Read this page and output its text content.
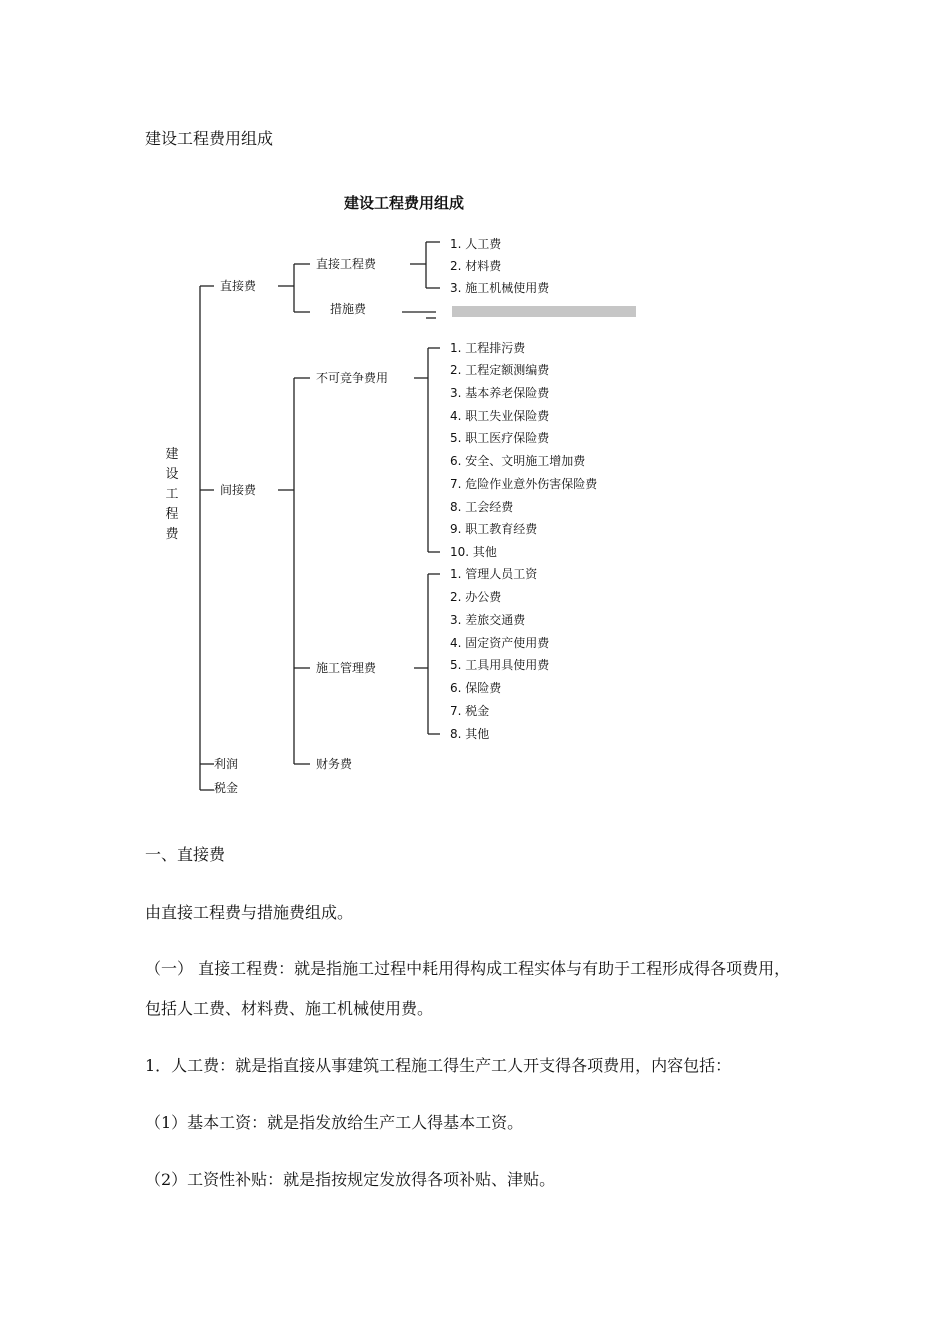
建设工程费用组成
建设工程费用组成
建
设
工
程
费
直接费
间接费
利润
税金
直接工程费
措施费
1. 人工费
2. 材料费
3. 施工机械使用费
不可竞争费用
施工管理费
财务费
1. 工程排污费
2. 工程定额测编费
3. 基本养老保险费
4. 职工失业保险费
5. 职工医疗保险费
6. 安全、文明施工增加费
7. 危险作业意外伤害保险费
8. 工会经费
9. 职工教育经费
10. 其他
1. 管理人员工资
2. 办公费
3. 差旅交通费
4. 固定资产使用费
5. 工具用具使用费
6. 保险费
7. 税金
8. 其他
一、直接费
由直接工程费与措施费组成。
（一） 直接工程费：就是指施工过程中耗用得构成工程实体与有助于工程形成得各项费用，
包括人工费、材料费、施工机械使用费。
1．人工费：就是指直接从事建筑工程施工得生产工人开支得各项费用，内容包括：
（1）基本工资：就是指发放给生产工人得基本工资。
（2）工资性补贴：就是指按规定发放得各项补贴、津贴。
